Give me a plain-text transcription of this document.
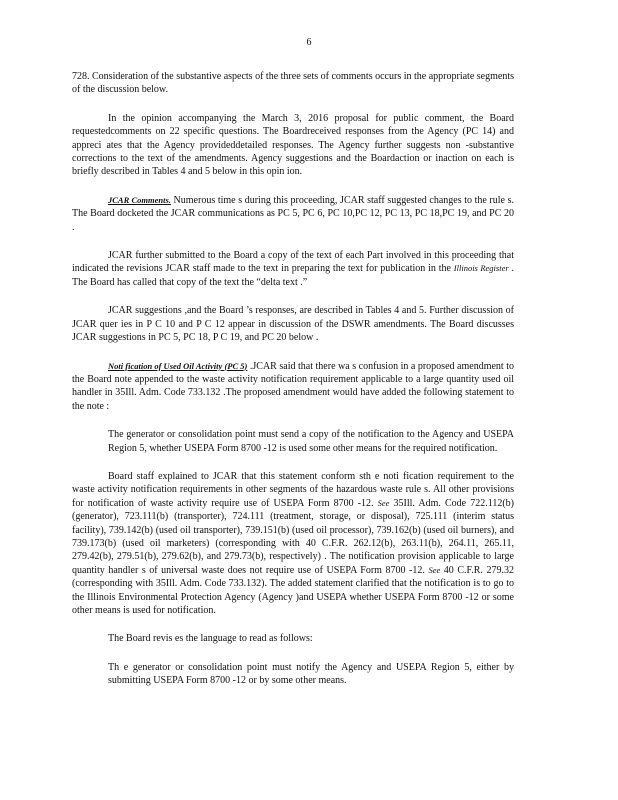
6

728. Consideration of the substantive aspects of the three sets of comments occurs in the appropriate segments of the discussion below.

In the opinion accompanying the March 3, 2016 proposal for public comment, the Board requestedcomments on 22 specific questions. The Boardreceived responses from the Agency (PC 14) and appreci ates that the Agency provideddetailed responses. The Agency further suggests non -substantive corrections to the text of the amendments. Agency suggestions and the Boardaction or inaction on each is briefly described in Tables 4 and 5 below in this opin ion.

JCAR Comments. Numerous time s during this proceeding, JCAR staff suggested changes to the rule s. The Board docketed the JCAR communications as PC 5, PC 6, PC 10,PC 12, PC 13, PC 18,PC 19, and PC 20 .

JCAR further submitted to the Board a copy of the text of each Part involved in this proceeding that indicated the revisions JCAR staff made to the text in preparing the text for publication in the Illinois Register . The Board has called that copy of the text the “delta text .”

JCAR suggestions ,and the Board ’s responses, are described in Tables 4 and 5. Further discussion of JCAR quer ies in P C 10 and P C 12 appear in discussion of the DSWR amendments. The Board discusses JCAR suggestions in PC 5, PC 18, P C 19, and PC 20 below .

Noti fication of Used Oil Activity (PC 5) .JCAR said that there wa s confusion in a proposed amendment to the Board note appended to the waste activity notification requirement applicable to a large quantity used oil handler in 35Ill. Adm. Code 733.132 .The proposed amendment would have added the following statement to the note :

The generator or consolidation point must send a copy of the notification to the Agency and USEPA Region 5, whether USEPA Form 8700 -12 is used some other means for the required notification.

Board staff explained to JCAR that this statement conform sth e noti fication requirement to the waste activity notification requirements in other segments of the hazardous waste rule s. All other provisions for notification of waste activity require use of USEPA Form 8700 -12. See 35Ill. Adm. Code 722.112(b) (generator), 723.111(b) (transporter), 724.111 (treatment, storage, or disposal), 725.111 (interim status facility), 739.142(b) (used oil transporter), 739.151(b) (used oil processor), 739.162(b) (used oil burners), and 739.173(b) (used oil marketers) (corresponding with 40 C.F.R. 262.12(b), 263.11(b), 264.11, 265.11, 279.42(b), 279.51(b), 279.62(b), and 279.73(b), respectively) . The notification provision applicable to large quantity handler s of universal waste does not require use of USEPA Form 8700 -12. See 40 C.F.R. 279.32 (corresponding with 35Ill. Adm. Code 733.132). The added statement clarified that the notification is to go to the Illinois Environmental Protection Agency (Agency )and USEPA whether USEPA Form 8700 -12 or some other means is used for notification.

The Board revis es the language to read as follows:

Th e generator or consolidation point must notify the Agency and USEPA Region 5, either by submitting USEPA Form 8700 -12 or by some other means.
